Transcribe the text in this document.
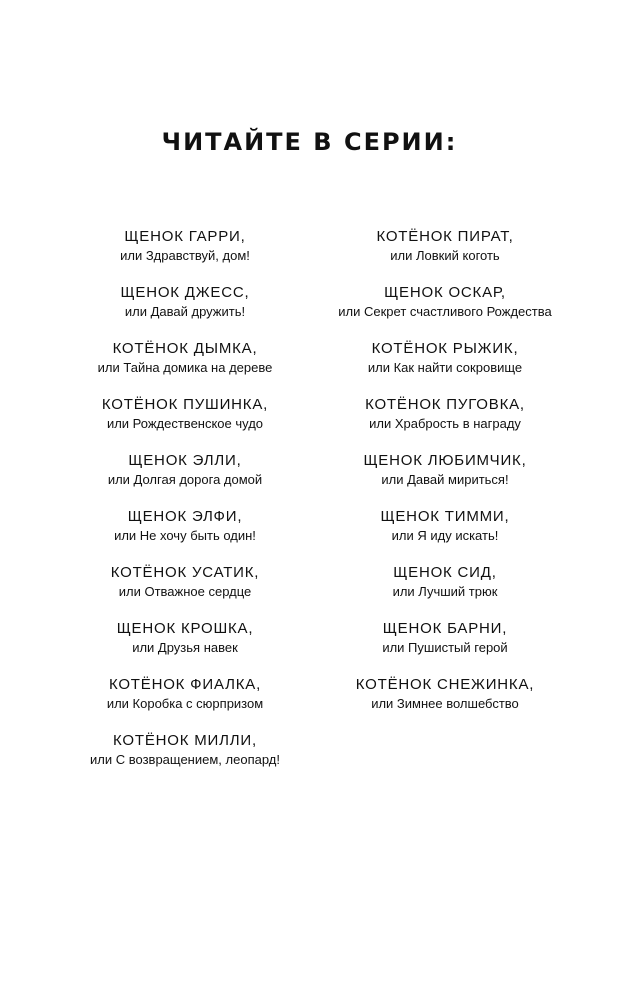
ЧИТАЙТЕ В СЕРИИ:
ЩЕНОК ГАРРИ,
или Здравствуй, дом!
ЩЕНОК ДЖЕСС,
или Давай дружить!
КОТЁНОК ДЫМКА,
или Тайна домика на дереве
КОТЁНОК ПУШИНКА,
или Рождественское чудо
ЩЕНОК ЭЛЛИ,
или Долгая дорога домой
ЩЕНОК ЭЛФИ,
или Не хочу быть один!
КОТЁНОК УСАТИК,
или Отважное сердце
ЩЕНОК КРОШКА,
или Друзья навек
КОТЁНОК ФИАЛКА,
или Коробка с сюрпризом
КОТЁНОК МИЛЛИ,
или С возвращением, леопард!
КОТЁНОК ПИРАТ,
или Ловкий коготь
ЩЕНОК ОСКАР,
или Секрет счастливого Рождества
КОТЁНОК РЫЖИК,
или Как найти сокровище
КОТЁНОК ПУГОВКА,
или Храбрость в награду
ЩЕНОК ЛЮБИМЧИК,
или Давай мириться!
ЩЕНОК ТИММИ,
или Я иду искать!
ЩЕНОК СИД,
или Лучший трюк
ЩЕНОК БАРНИ,
или Пушистый герой
КОТЁНОК СНЕЖИНКА,
или Зимнее волшебство
